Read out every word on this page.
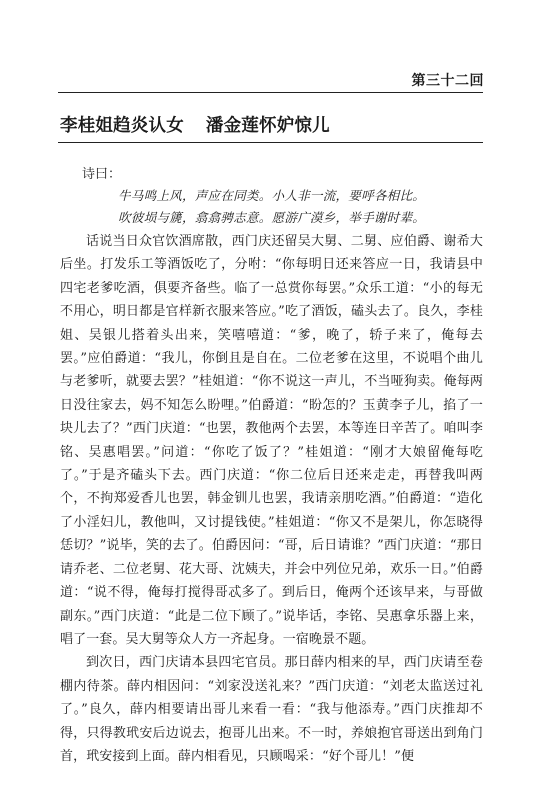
第三十二回
李桂姐趋炎认女 潘金莲怀妒惊儿
诗曰：
牛马鸣上风，声应在同类。小人非一流，要呼各相比。
吹彼埙与篪，翕翕骋志意。愿游广漠乡，举手谢时辈。

话说当日众官饮酒席散，西门庆还留吴大舅、二舅、应伯爵、谢希大后坐。打发乐工等酒饭吃了，分咐：“你每明日还来答应一日，我请县中四宅老爹吃酒，俱要齐备些。临了一总赏你每罢。”众乐工道：“小的每无不用心，明日都是官样新衣服来答应。”吃了酒饭，磕头去了。良久，李桂姐、吴银儿搭着头出来，笑嘻嘻道：“爹，晚了，轿子来了，俺每去罢。”应伯爵道：“我儿，你倒且是自在。二位老爹在这里，不说唱个曲儿与老爹听，就要去罢？”桂姐道：“你不说这一声儿，不当哑狗卖。俺每两日没往家去，妈不知怎么盼哩。”伯爵道：“盼怎的？玉黄李子儿，掐了一块儿去了？”西门庆道：“也罢，教他两个去罢，本等连日辛苦了。咱叫李铭、吴惠唱罢。”问道：“你吃了饭了？”桂姐道：“刚才大娘留俺每吃了。”于是齐磕头下去。西门庆道：“你二位后日还来走走，再替我叫两个，不拘郑爱香儿也罢，韩金钏儿也罢，我请亲朋吃酒。”伯爵道：“造化了小淫妇儿，教他叫，又讨提钱使。”桂姐道：“你又不是架儿，你怎晓得恁切？”说毕，笑的去了。伯爵因问：“哥，后日请谁？”西门庆道：“那日请乔老、二位老舅、花大哥、沈姨夫，并会中列位兄弟，欢乐一日。”伯爵道：“说不得，俺每打搅得哥忒多了。到后日，俺两个还该早来，与哥做副东。”西门庆道：“此是二位下顾了。”说毕话，李铭、吴惠拿乐器上来，唱了一套。吴大舅等众人方一齐起身。一宿晚景不题。

到次日，西门庆请本县四宅官员。那日薛内相来的早，西门庆请至卷棚内待茶。薛内相因问：“刘家没送礼来？”西门庆道：“刘老太监送过礼了。”良久，薛内相要请出哥儿来看一看：“我与他添寿。”西门庆推却不得，只得教玳安后边说去，抱哥儿出来。不一时，养娘抱官哥送出到角门首，玳安接到上面。薛内相看见，只顾喝采：“好个哥儿！”便
